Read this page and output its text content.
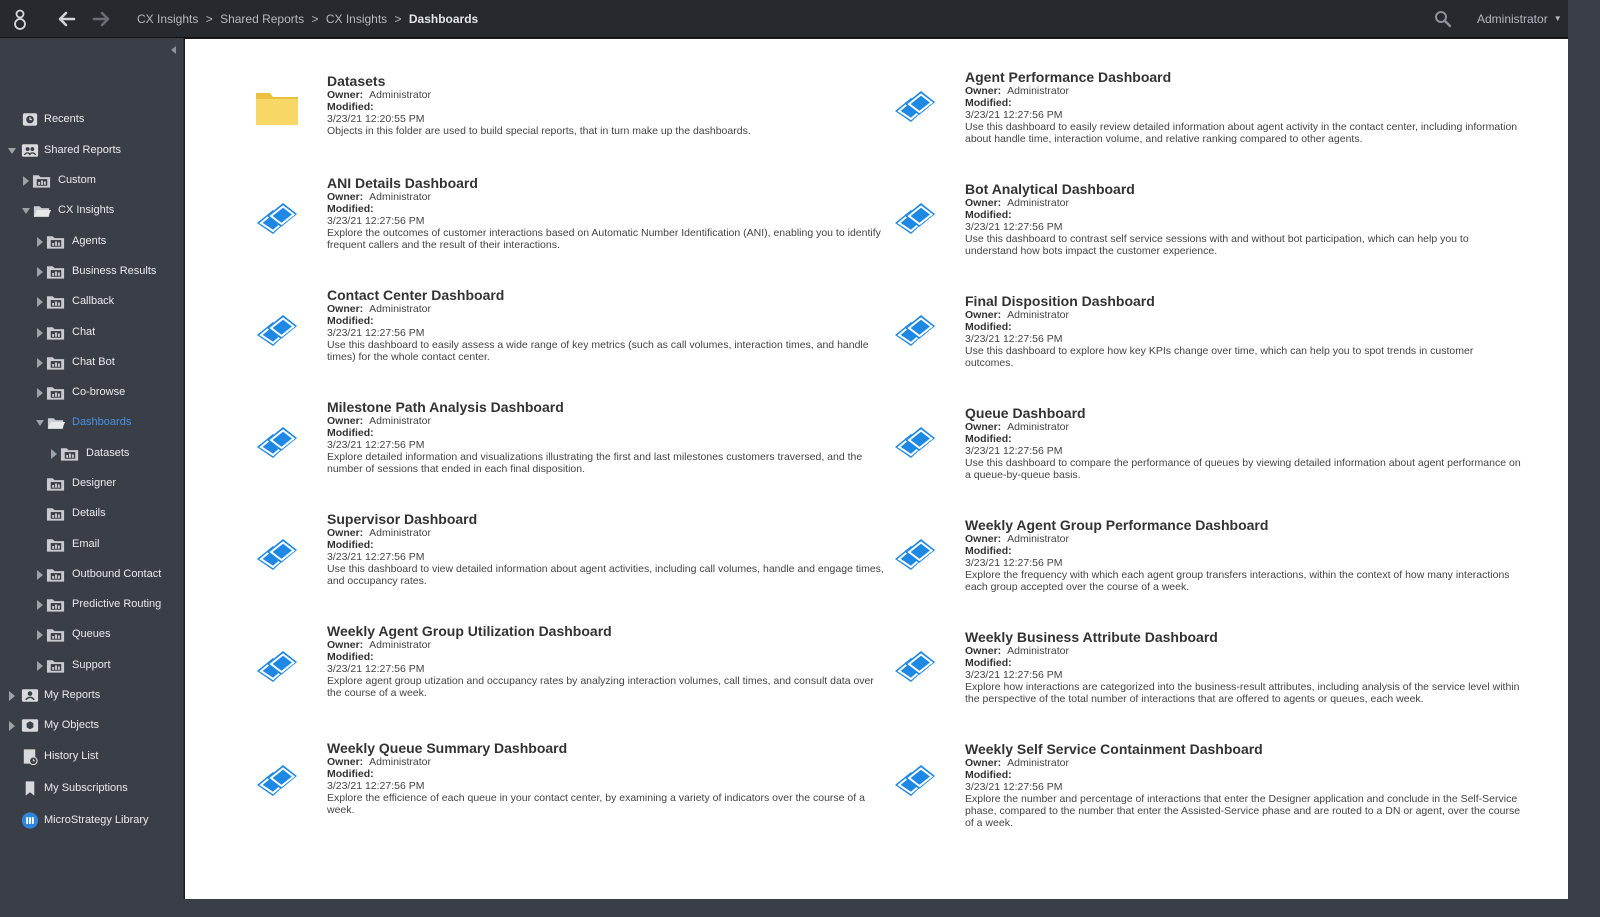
CX Insights > Shared Reports > CX Insights > Dashboards	Administrator ▼
Recents
Shared Reports
Custom
CX Insights
Agents
Business Results
Callback
Chat
Chat Bot
Co-browse
Dashboards
Datasets
Designer
Details
Email
Outbound Contact
Predictive Routing
Queues
Support
My Reports
My Objects
History List
My Subscriptions
MicroStrategy Library
Datasets
Owner: Administrator
Modified:
3/23/21 12:20:55 PM
Objects in this folder are used to build special reports, that in turn make up the dashboards.
Agent Performance Dashboard
Owner: Administrator
Modified:
3/23/21 12:27:56 PM
Use this dashboard to easily review detailed information about agent activity in the contact center, including information
about handle time, interaction volume, and relative ranking compared to other agents.
ANI Details Dashboard
Owner: Administrator
Modified:
3/23/21 12:27:56 PM
Explore the outcomes of customer interactions based on Automatic Number Identification (ANI), enabling you to identify
frequent callers and the result of their interactions.
Bot Analytical Dashboard
Owner: Administrator
Modified:
3/23/21 12:27:56 PM
Use this dashboard to contrast self service sessions with and without bot participation, which can help you to
understand how bots impact the customer experience.
Contact Center Dashboard
Owner: Administrator
Modified:
3/23/21 12:27:56 PM
Use this dashboard to easily assess a wide range of key metrics (such as call volumes, interaction times, and handle
times) for the whole contact center.
Final Disposition Dashboard
Owner: Administrator
Modified:
3/23/21 12:27:56 PM
Use this dashboard to explore how key KPIs change over time, which can help you to spot trends in customer
outcomes.
Milestone Path Analysis Dashboard
Owner: Administrator
Modified:
3/23/21 12:27:56 PM
Explore detailed information and visualizations illustrating the first and last milestones customers traversed, and the
number of sessions that ended in each final disposition.
Queue Dashboard
Owner: Administrator
Modified:
3/23/21 12:27:56 PM
Use this dashboard to compare the performance of queues by viewing detailed information about agent performance on
a queue-by-queue basis.
Supervisor Dashboard
Owner: Administrator
Modified:
3/23/21 12:27:56 PM
Use this dashboard to view detailed information about agent activities, including call volumes, handle and engage times,
and occupancy rates.
Weekly Agent Group Performance Dashboard
Owner: Administrator
Modified:
3/23/21 12:27:56 PM
Explore the frequency with which each agent group transfers interactions, within the context of how many interactions
each group accepted over the course of a week.
Weekly Agent Group Utilization Dashboard
Owner: Administrator
Modified:
3/23/21 12:27:56 PM
Explore agent group utization and occupancy rates by analyzing interaction volumes, call times, and consult data over
the course of a week.
Weekly Business Attribute Dashboard
Owner: Administrator
Modified:
3/23/21 12:27:56 PM
Explore how interactions are categorized into the business-result attributes, including analysis of the service level within
the perspective of the total number of interactions that are offered to agents or queues, each week.
Weekly Queue Summary Dashboard
Owner: Administrator
Modified:
3/23/21 12:27:56 PM
Explore the efficience of each queue in your contact center, by examining a variety of indicators over the course of a
week.
Weekly Self Service Containment Dashboard
Owner: Administrator
Modified:
3/23/21 12:27:56 PM
Explore the number and percentage of interactions that enter the Designer application and conclude in the Self-Service
phase, compared to the number that enter the Assisted-Service phase and are routed to a DN or agent, over the course
of a week.
